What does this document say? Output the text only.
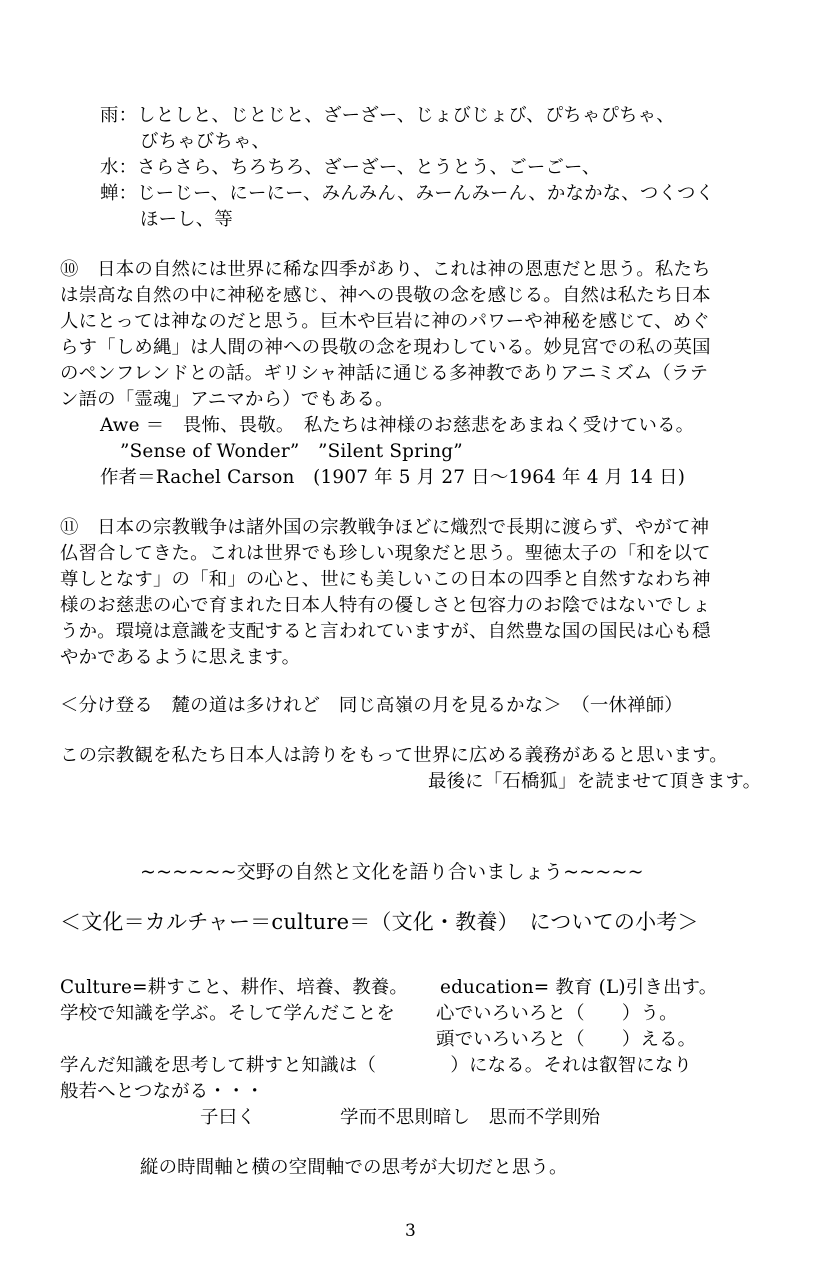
雨：しとしと、じとじと、ざーざー、じょびじょび、ぴちゃぴちゃ、
びちゃびちゃ、
水：さらさら、ちろちろ、ざーざー、とうとう、ごーごー、
蝉：じーじー、にーにー、みんみん、みーんみーん、かなかな、つくつく
ほーし、等
⑩　日本の自然には世界に稀な四季があり、これは神の恩恵だと思う。私たち
は崇高な自然の中に神秘を感じ、神への畏敬の念を感じる。自然は私たち日本
人にとっては神なのだと思う。巨木や巨岩に神のパワーや神秘を感じて、めぐ
らす「しめ縄」は人間の神への畏敬の念を現わしている。妙見宮での私の英国
のペンフレンドとの話。ギリシャ神話に通じる多神教でありアニミズム（ラテ
ン語の「霊魂」アニマから）でもある。
Awe ＝　畏怖、畏敬。　私たちは神様のお慈悲をあまねく受けている。
”Sense of Wonder”　”Silent Spring”
作者＝Rachel Carson　(1907 年 5 月 27 日～1964 年 4 月 14 日)
⑪　日本の宗教戦争は諸外国の宗教戦争ほどに熾烈で長期に渡らず、やがて神
仏習合してきた。これは世界でも珍しい現象だと思う。聖徳太子の「和を以て
尊しとなす」の「和」の心と、世にも美しいこの日本の四季と自然すなわち神
様のお慈悲の心で育まれた日本人特有の優しさと包容力のお陰ではないでしょ
うか。環境は意識を支配すると言われていますが、自然豊な国の国民は心も穏
やかであるように思えます。
＜分け登る　麓の道は多けれど　同じ高嶺の月を見るかな＞　（一休禅師）
この宗教観を私たち日本人は誇りをもって世界に広める義務があると思います。
最後に「石橋狐」を読ませて頂きます。
~~~~~~交野の自然と文化を語り合いましょう~~~~~
＜文化＝カルチャー＝culture＝（文化・教養）　についての小考＞
Culture=耕すこと、耕作、培養、教養。 education= 教育 (L)引き出す。
学校で知識を学ぶ。そして学んだことを 心でいろいろと（　　）う。
頭でいろいろと（　　）える。
学んだ知識を思考して耕すと知識は（　　　　）になる。それは叡智になり
般若へとつながる・・・
子曰く	学而不思則暗し　思而不学則殆
縦の時間軸と横の空間軸での思考が大切だと思う。
3
